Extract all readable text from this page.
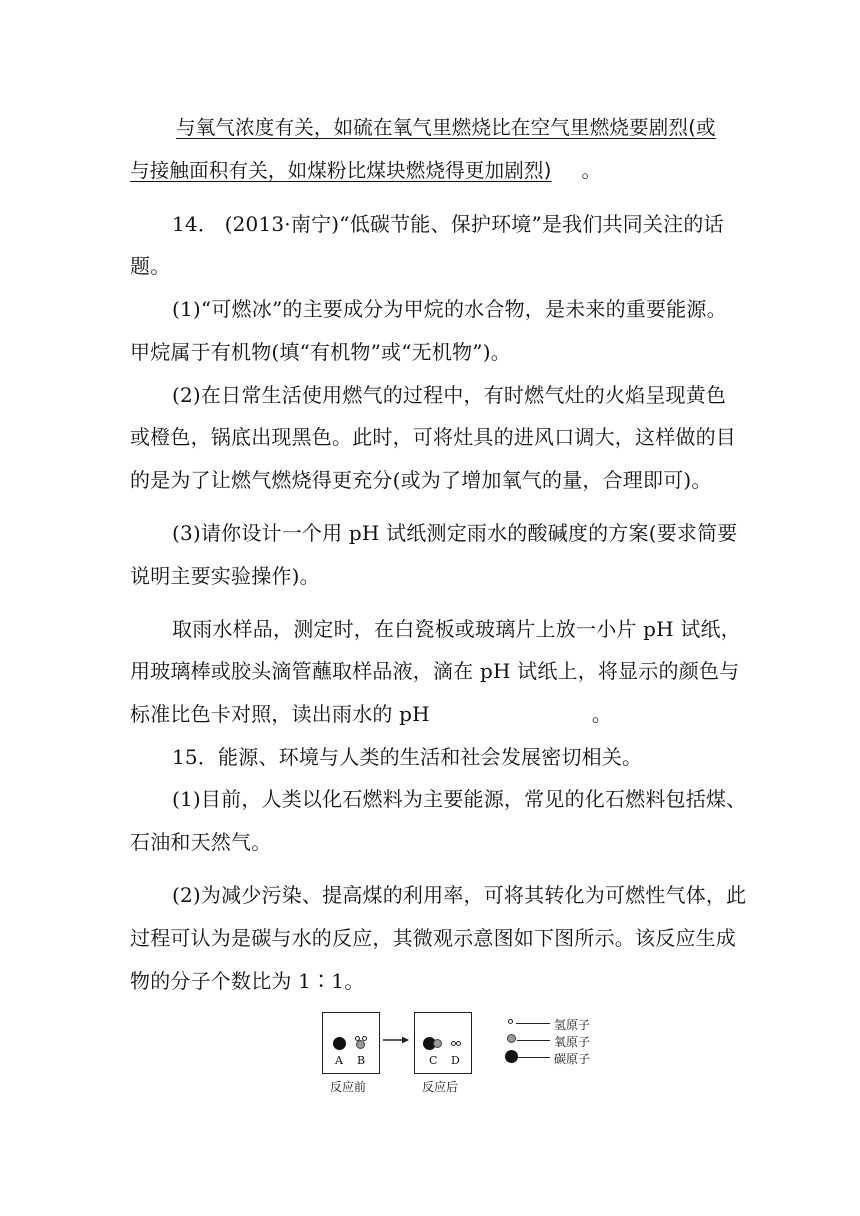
与氧气浓度有关，如硫在氧气里燃烧比在空气里燃烧要剧烈(或
与接触面积有关，如煤粉比煤块燃烧得更加剧烈) 。
14． (2013·南宁)“低碳节能、保护环境”是我们共同关注的话
题。
(1)“可燃冰”的主要成分为甲烷的水合物，是未来的重要能源。
甲烷属于有机物(填“有机物”或“无机物”)。
(2)在日常生活使用燃气的过程中，有时燃气灶的火焰呈现黄色
或橙色，锅底出现黑色。此时，可将灶具的进风口调大，这样做的目
的是为了让燃气燃烧得更充分(或为了增加氧气的量，合理即可)。
(3)请你设计一个用 pH 试纸测定雨水的酸碱度的方案(要求简要
说明主要实验操作)。
取雨水样品，测定时，在白瓷板或玻璃片上放一小片 pH 试纸，
用玻璃棒或胶头滴管蘸取样品液，滴在 pH 试纸上，将显示的颜色与
标准比色卡对照，读出雨水的 pH	。
15．能源、环境与人类的生活和社会发展密切相关。
(1)目前，人类以化石燃料为主要能源，常见的化石燃料包括煤、
石油和天然气。
(2)为减少污染、提高煤的利用率，可将其转化为可燃性气体，此
过程可认为是碳与水的反应，其微观示意图如下图所示。该反应生成
物的分子个数比为 1∶1。
A B	C D
反应前	反应后
氢原子
氧原子
碳原子
